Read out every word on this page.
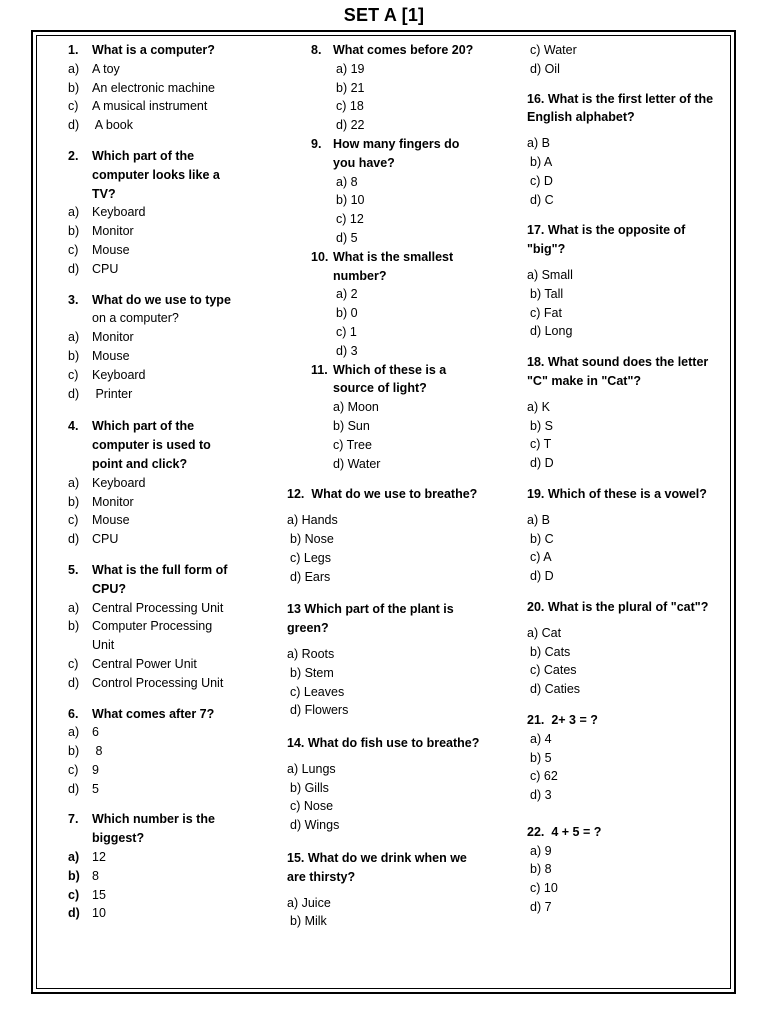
SET A [1]
1. What is a computer?
a) A toy
b) An electronic machine
c) A musical instrument
d) A book
2. Which part of the
computer looks like a
TV?
a) Keyboard
b) Monitor
c) Mouse
d) CPU
3. What do we use to type
on a computer?
a) Monitor
b) Mouse
c) Keyboard
d) Printer
4. Which part of the
computer is used to
point and click?
a) Keyboard
b) Monitor
c) Mouse
d) CPU
5. What is the full form of
CPU?
a) Central Processing Unit
b) Computer Processing
Unit
c) Central Power Unit
d) Control Processing Unit
6. What comes after 7?
a) 6
b) 8
c) 9
d) 5
7. Which number is the
biggest?
a) 12
b) 8
c) 15
d) 10
8. What comes before 20?
a) 19
b) 21
c) 18
d) 22
9. How many fingers do
you have?
a) 8
b) 10
c) 12
d) 5
10. What is the smallest
number?
a) 2
b) 0
c) 1
d) 3
11. Which of these is a
source of light?
a) Moon
b) Sun
c) Tree
d) Water
12.  What do we use to breathe?
a) Hands
b) Nose
c) Legs
d) Ears
13 Which part of the plant is
green?
a) Roots
b) Stem
c) Leaves
d) Flowers
14. What do fish use to breathe?
a) Lungs
b) Gills
c) Nose
d) Wings
15. What do we drink when we
are thirsty?
a) Juice
b) Milk
c) Water
d) Oil
16. What is the first letter of the
English alphabet?
a) B
b) A
c) D
d) C
17. What is the opposite of
"big"?
a) Small
b) Tall
c) Fat
d) Long
18. What sound does the letter
"C" make in "Cat"?
a) K
b) S
c) T
d) D
19. Which of these is a vowel?
a) B
b) C
c) A
d) D
20. What is the plural of "cat"?
a) Cat
b) Cats
c) Cates
d) Caties
21.  2+ 3 = ?
a) 4
b) 5
c) 62
d) 3
22.  4 + 5 = ?
a) 9
b) 8
c) 10
d) 7
